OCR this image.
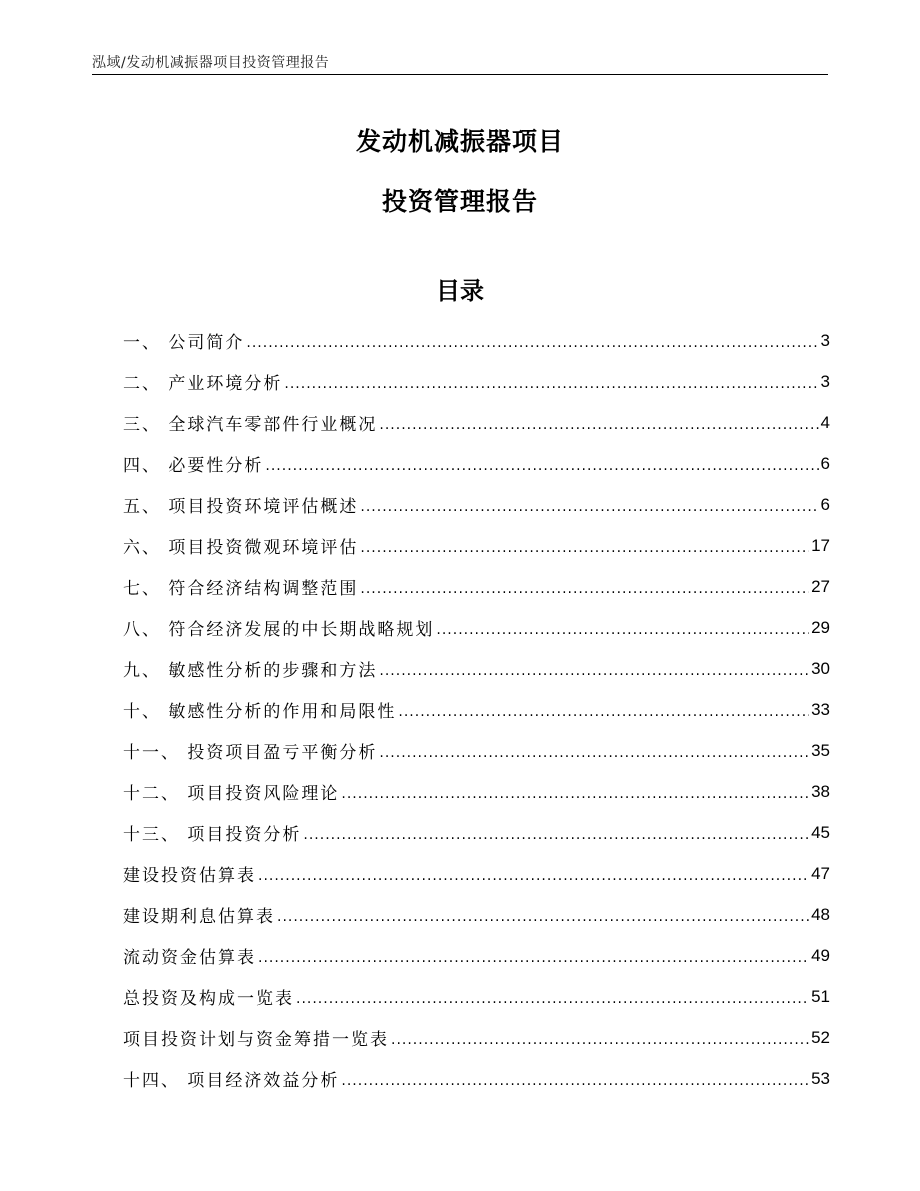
泓域/发动机减振器项目投资管理报告
发动机减振器项目
投资管理报告
目录
一、 公司简介 .....	3
二、 产业环境分析 .....	3
三、 全球汽车零部件行业概况 .....	4
四、 必要性分析 .....	6
五、 项目投资环境评估概述 .....	6
六、 项目投资微观环境评估 .....	17
七、 符合经济结构调整范围 .....	27
八、 符合经济发展的中长期战略规划 .....	29
九、 敏感性分析的步骤和方法 .....	30
十、 敏感性分析的作用和局限性 .....	33
十一、 投资项目盈亏平衡分析 .....	35
十二、 项目投资风险理论 .....	38
十三、 项目投资分析 .....	45
建设投资估算表 .....	47
建设期利息估算表 .....	48
流动资金估算表 .....	49
总投资及构成一览表 .....	51
项目投资计划与资金筹措一览表 .....	52
十四、 项目经济效益分析 .....	53
